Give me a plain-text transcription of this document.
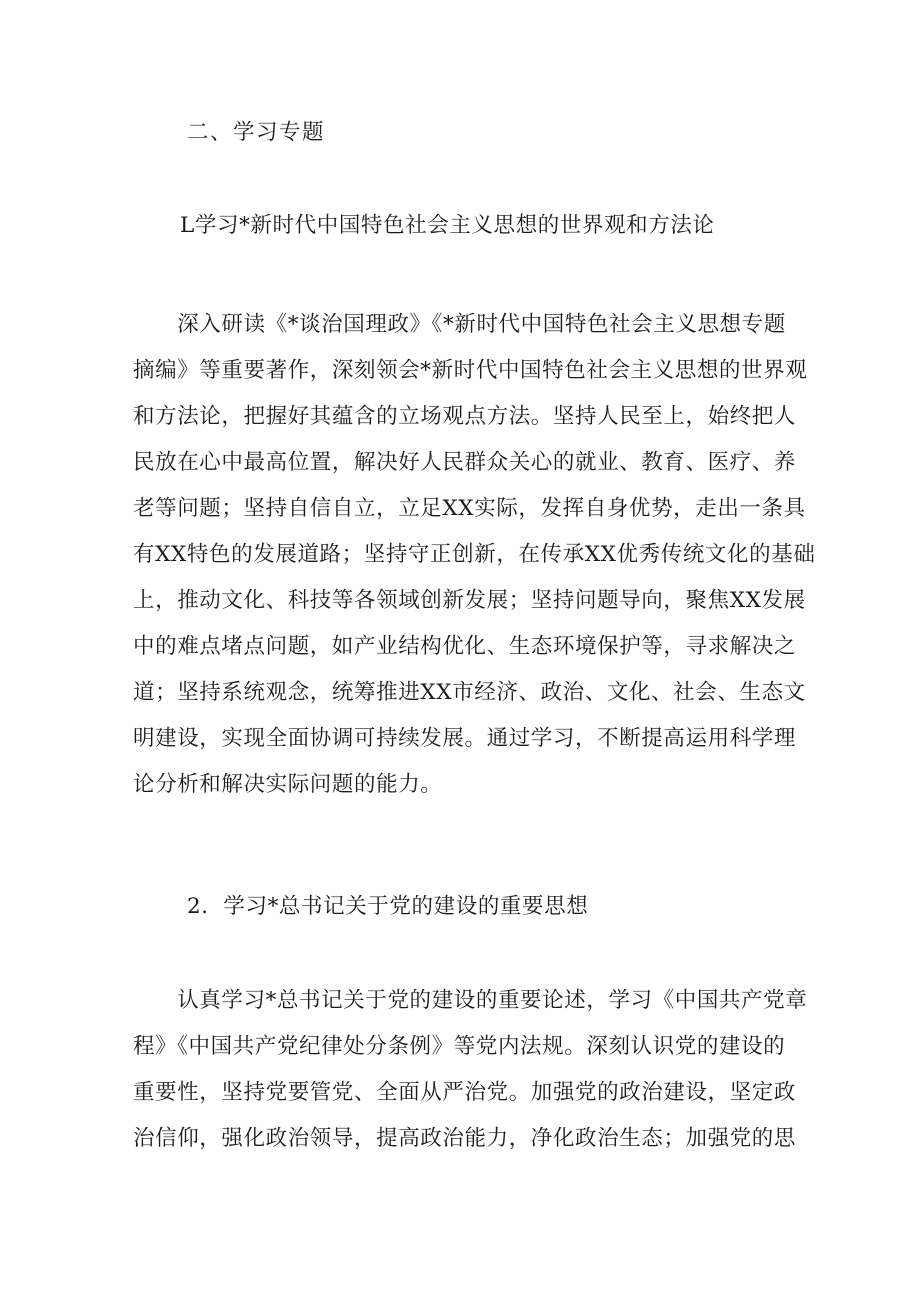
二、学习专题
L学习*新时代中国特色社会主义思想的世界观和方法论
　　深入研读《*谈治国理政》《*新时代中国特色社会主义思想专题
摘编》等重要著作，深刻领会*新时代中国特色社会主义思想的世界观
和方法论，把握好其蕴含的立场观点方法。坚持人民至上，始终把人
民放在心中最高位置，解决好人民群众关心的就业、教育、医疗、养
老等问题；坚持自信自立，立足XX实际，发挥自身优势，走出一条具
有XX特色的发展道路；坚持守正创新，在传承XX优秀传统文化的基础
上，推动文化、科技等各领域创新发展；坚持问题导向，聚焦XX发展
中的难点堵点问题，如产业结构优化、生态环境保护等，寻求解决之
道；坚持系统观念，统筹推进XX市经济、政治、文化、社会、生态文
明建设，实现全面协调可持续发展。通过学习，不断提高运用科学理
论分析和解决实际问题的能力。
2．学习*总书记关于党的建设的重要思想
　　认真学习*总书记关于党的建设的重要论述，学习《中国共产党章
程》《中国共产党纪律处分条例》等党内法规。深刻认识党的建设的
重要性，坚持党要管党、全面从严治党。加强党的政治建设，坚定政
治信仰，强化政治领导，提高政治能力，净化政治生态；加强党的思
